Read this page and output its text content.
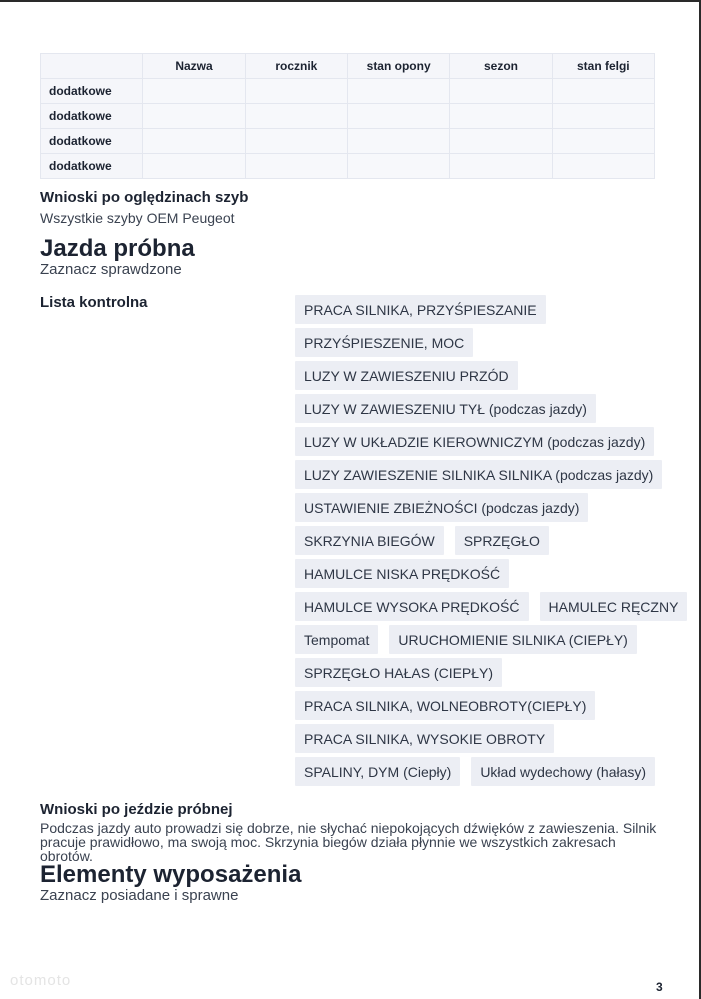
	Nazwa	rocznik	stan opony	sezon	stan felgi
dodatkowe					
dodatkowe					
dodatkowe					
dodatkowe					
Wnioski po oględzinach szyb
Wszystkie szyby OEM Peugeot
Jazda próbna
Zaznacz sprawdzone
Lista kontrolna	PRACA SILNIKA, PRZYŚPIESZANIE
PRZYŚPIESZENIE, MOC
LUZY W ZAWIESZENIU PRZÓD
LUZY W ZAWIESZENIU TYŁ (podczas jazdy)
LUZY W UKŁADZIE KIEROWNICZYM (podczas jazdy)
LUZY ZAWIESZENIE SILNIKA SILNIKA (podczas jazdy)
USTAWIENIE ZBIEŻNOŚCI (podczas jazdy)
SKRZYNIA BIEGÓW	SPRZĘGŁO
HAMULCE NISKA PRĘDKOŚĆ
HAMULCE WYSOKA PRĘDKOŚĆ	HAMULEC RĘCZNY
Tempomat	URUCHOMIENIE SILNIKA (CIEPŁY)
SPRZĘGŁO HAŁAS (CIEPŁY)
PRACA SILNIKA, WOLNEOBROTY(CIEPŁY)
PRACA SILNIKA, WYSOKIE OBROTY
SPALINY, DYM (Ciepły)	Układ wydechowy (hałasy)
Wnioski po jeździe próbnej
Podczas jazdy auto prowadzi się dobrze, nie słychać niepokojących dźwięków z zawieszenia. Silnik pracuje prawidłowo, ma swoją moc. Skrzynia biegów działa płynnie we wszystkich zakresach obrotów.
Elementy wyposażenia
Zaznacz posiadane i sprawne
otomoto	3
